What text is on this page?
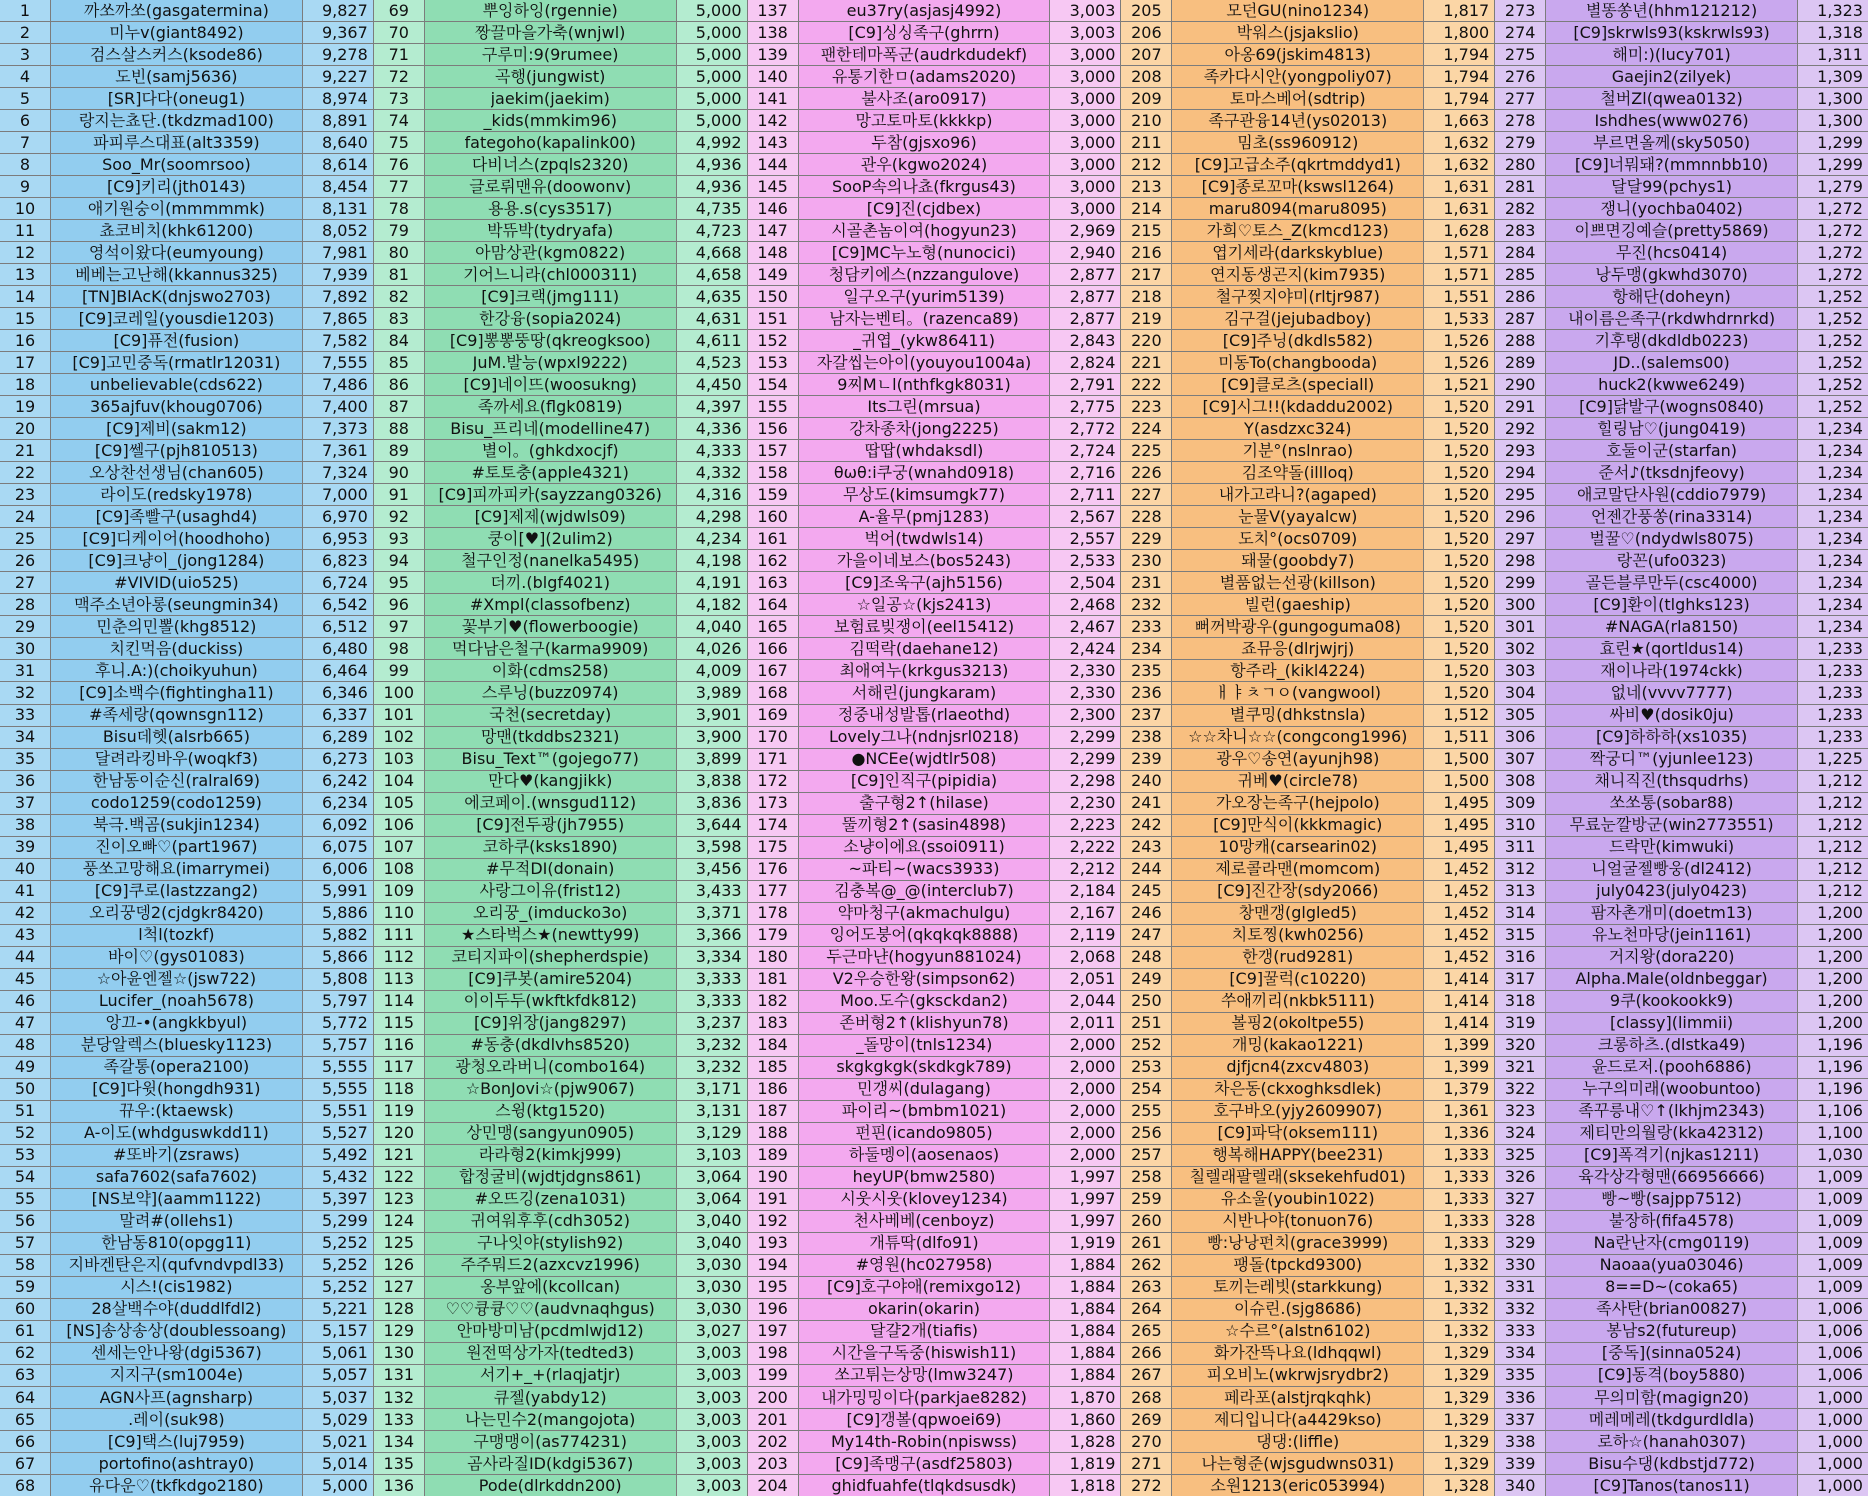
1	까쏘까쏘(gasgatermina)	9,827
2	미누v(giant8492)	9,367
3	검스살스커스(ksode86)	9,278
4	도빈(samj5636)	9,227
5	[SR]다다(oneug1)	8,974
6	랑지는쵸단.(tkdzmad100)	8,891
7	파피루스대표(alt3359)	8,640
8	Soo_Mr(soomrsoo)	8,614
9	[C9]키리(jth0143)	8,454
10	애기원숭이(mmmmmk)	8,131
11	쵸코비치(khk61200)	8,052
12	영석이왔다(eumyoung)	7,981
13 베베는고난해(kkannus325)	7,939
14	[TN]BlAcK(dnjswo2703)	7,892
15	[C9]코레일(yousdie1203)	7,865
16	[C9]퓨전(fusion)	7,582
17 [C9]고민중독(rmatlr12031)	7,555
18	unbelievable(cds622)	7,486
19	365ajfuv(khoug0706)	7,400
20	[C9]제비(sakm12)	7,373
21	[C9]쎌구(pjh810513)	7,361
22	오상찬선생님(chan605)	7,324
23	라이도(redsky1978)	7,000
24	[C9]족빨구(usaghd4)	6,970
25	[C9]디케이어(hoodhoho)	6,953
26	[C9]크냥이_(jong1284)	6,823
27	#VIVID(uio525)	6,724
28 맥주소년아롱(seungmin34)	6,542
29	민춘의민뽈(khg8512)	6,512
30	치킨먹음(duckiss)	6,480
31	후니.A:)(choikyuhun)	6,464
32	[C9]소백수(fightingha11)	6,346
33	#족세랑(qownsgn112)	6,337
34	Bisu데헷(alsrb665)	6,289
35	달려라킹바우(woqkf3)	6,273
36	한남동이순신(ralral69)	6,242
37	codo1259(codo1259)	6,234
38	북극.백곰(sukjin1234)	6,092
39	진이오빠♡(part1967)	6,075
40	풍쏘고망해요(imarrymei)	6,006
41	[C9]쿠로(lastzzang2)	5,991
42	오리꿍뎅2(cjdgkr8420)	5,886
43	l척l(tozkf)	5,882
44	바이♡(gys01083)	5,866
45	☆아윤엔젤☆(jsw722)	5,808
46	Lucifer_(noah5678)	5,797
47	앙끄-•(angkkbyul)	5,772
48	분당알렉스(bluesky1123)	5,757
49	족갈통(opera2100)	5,555
50	[C9]다윗(hongdh931)	5,555
51	뀨우:(ktaewsk)	5,551
52	A-이도(whdguswkdd11)	5,527
53	#또바기(zsraws)	5,492
54	safa7602(safa7602)	5,432
55	[NS보약](aamm1122)	5,397
56	말려#(ollehs1)	5,299
57	한남동810(opgg11)	5,252
58 지바겐탄은지(qufvndvpdl33) 5,252
59	시스!(cis1982)	5,252
60	28살백수야(duddlfdl2)	5,221
61 [NS]송상송상(doublessoang) 5,157
62	센세는안나왕(dgi5367)	5,061
63	지지구(sm1004e)	5,057
64	AGN사프(agnsharp)	5,037
65	.레이(suk98)	5,029
66	[C9]택스(luj7959)	5,021
67	portofino(ashtray0)	5,014
68	유다운♡(tkfkdgo2180)	5,000
69	뿌잉하잉(rgennie)	5,000
70	짱끌마을가축(wnjwl)	5,000
71	구루미:9(9rumee)	5,000
72	곡행(jungwist)	5,000
73	jaekim(jaekim)	5,000
74	_kids(mmkim96)	5,000
75	fategoho(kapalink00)	4,992
76	다비너스(zpqls2320)	4,936
77	글로뤼맨유(doowonv)	4,936
78	용용.s(cys3517)	4,735
79	박뜌박(tydryafa)	4,723
80	아맘상관(kgm0822)	4,668
81	기어느니라(chl000311)	4,658
82	[C9]크랙(jmg111)	4,635
83	한강융(sopia2024)	4,631
84	[C9]뽕뽕뚱땅(qkreogksoo)	4,611
85	JuM.발능(wpxl9222)	4,523
86	[C9]네이뜨(woosukng)	4,450
87	족까세요(flgk0819)	4,397
88	Bisu_프리네(modelline47)	4,336
89	별이。(ghkdxocjf)	4,333
90	#토토충(apple4321)	4,332
91 [C9]피까피카(sayzzang0326) 4,316
92	[C9]제제(wjdwls09)	4,298
93	쿵이[♥](2ulim2)	4,234
94	철구인정(nanelka5495)	4,198
95	더끼.(blgf4021)	4,191
96	#Xmpl(classofbenz)	4,182
97	꽃부기♥(flowerboogie)	4,040
98	먹다남은철구(karma9909)	4,026
99	이화(cdms258)	4,009
100	스루닝(buzz0974)	3,989
101	국천(secretday)	3,901
102	망맨(tkddbs2321)	3,900
103	Bisu_Text™(gojego77)	3,899
104	만다♥(kangjikk)	3,838
105	에코페이.(wnsgud112)	3,836
106	[C9]전두광(jh7955)	3,644
107	코하쿠(ksks1890)	3,598
108	#무적DI(donain)	3,456
109	사랑그이유(frist12)	3,433
110	오리꿍_(imducko3o)	3,371
111	★스타벅스★(newtty99)	3,366
112 코티지파이(shepherdspie)	3,334
113	[C9]쿠봇(amire5204)	3,333
114	이이두두(wkftkfdk812)	3,333
115	[C9]위장(jang8297)	3,237
116	#동충(dkdlvhs8520)	3,232
117	광청오라버니(combo164)	3,232
118	☆BonJovi☆(pjw9067)	3,171
119	스윙(ktg1520)	3,131
120	상민맹(sangyun0905)	3,129
121	라라형2(kimkj999)	3,103
122	합정굴비(wjdtjdgns861)	3,064
123	#오뜨깅(zena1031)	3,064
124	귀여워후후(cdh3052)	3,040
125	구나잇야(stylish92)	3,040
126	주주뭐드2(azxcvz1996)	3,030
127	옹부앞에(kcollcan)	3,030
128 ♡♡큥큥♡♡(audvnaqhgus)	3,030
129	안마방미남(pcdmlwjd12)	3,027
130	원전떡상가자(tedted3)	3,003
131	서기+_+(rlaqjatjr)	3,003
132	큐젤(yabdy12)	3,003
133	나는민수2(mangojota)	3,003
134	구맹맹이(as774231)	3,003
135	곰사라질ID(kdgi5367)	3,003
136	Pode(dlrkddn200)	3,003
137	eu37ry(asjasj4992)	3,003
138	[C9]싱싱족구(ghrrn)	3,003
139 팬한테마폭군(audrkdudekf)	3,000
140	유통기한ㅁ(adams2020)	3,000
141	불사조(aro0917)	3,000
142	망고토마토(kkkkp)	3,000
143	두참(gjsxo96)	3,000
144	관우(kgwo2024)	3,000
145	SooP속의나쵸(fkrgus43)	3,000
146	[C9]진(cjdbex)	3,000
147	시골촌놈이여(hogyun23)	2,969
148	[C9]MC누노형(nunocici)	2,940
149	청담키에스(nzzangulove)	2,877
150	일구오구(yurim5139)	2,877
151	남자는벤티。(razenca89)	2,877
152	_귀엽_(ykw86411)	2,843
153 자갈씹는아이(youyou1004a) 2,824
154	9찌Mㄴl(nthfkgk8031)	2,791
155	Its그린(mrsua)	2,775
156	강차종차(jong2225)	2,772
157	땁땁(whdaksdl)	2,724
158	θωθ:i쿠궁(wnahd0918)	2,716
159	무상도(kimsumgk77)	2,711
160	A-율무(pmj1283)	2,567
161	벅어(twdwls14)	2,557
162	가을이네보스(bos5243)	2,533
163	[C9]조욱구(ajh5156)	2,504
164	☆일공☆(kjs2413)	2,468
165	보험료빚쟁이(eel15412)	2,467
166	김떡락(daehane12)	2,424
167	최애여누(krkgus3213)	2,330
168	서해린(jungkaram)	2,330
169	정중내성발톱(rlaeothd)	2,300
170	Lovely그나(ndnjsrl0218)	2,299
171	●NCEe(wjdtlr508)	2,299
172	[C9]인직구(pipidia)	2,298
173	출구형2↑(hilase)	2,230
174	뚤끼형2↑(sasin4898)	2,223
175	소냥이에요(ssoi0911)	2,222
176	~파티~(wacs3933)	2,212
177	김충복@_@(interclub7)	2,184
178	약마청구(akmachulgu)	2,167
179	잉어도붕어(qkqkqk8888)	2,119
180 두근마냔(hogyun881024)	2,068
181	V2우승한왕(simpson62)	2,051
182	Moo.도수(gksckdan2)	2,044
183	존버형2↑(klishyun78)	2,011
184	_돌망이(tnls1234)	2,000
185	skgkgkgk(skdkgk789)	2,000
186	민갱씨(dulagang)	2,000
187	파이리~(bmbm1021)	2,000
188	펀핀(icando9805)	2,000
189	하둘멩이(aosenaos)	2,000
190	heyUP(bmw2580)	1,997
191	시웃시웃(klovey1234)	1,997
192	천사베베(cenboyz)	1,997
193	개튜딱(dlfo91)	1,919
194	#영원(hc027958)	1,884
195 [C9]호구야애(remixgo12)	1,884
196	okarin(okarin)	1,884
197	달걀2개(tiafis)	1,884
198	시간을구독중(hiswish11)	1,884
199	쏘고튀는상망(lmw3247)	1,884
200 내가밍밍이다(parkjae8282)	1,870
201	[C9]갱볼(qpwoei69)	1,860
202	My14th-Robin(npiswss)	1,828
203	[C9]족맹구(asdf25803)	1,819
204	ghidfuahfe(tlqkdsusdk)	1,818
205	모던GU(nino1234)	1,817
206	박워스(jsjakslio)	1,800
207	아옹69(jskim4813)	1,794
208	족카다시안(yongpoliy07)	1,794
209	토마스베어(sdtrip)	1,794
210	족구관융14년(ys02013)	1,663
211	밈초(ss960912)	1,632
212 [C9]고급소주(qkrtmddyd1)	1,632
213 [C9]종로꼬마(kswsl1264)	1,631
214	maru8094(maru8095)	1,631
215	가희♡토스_Z(kmcd123)	1,628
216	엽기세라(darkskyblue)	1,571
217	연지동생곤지(kim7935)	1,571
218	철구찢지야미(rltjr987)	1,551
219	김구걸(jejubadboy)	1,533
220	[C9]주닝(dkdls582)	1,526
221	미동To(changbooda)	1,526
222	[C9]클로츠(speciall)	1,521
223	[C9]시그!!(kdaddu2002)	1,520
224	Y(asdzxc324)	1,520
225	기분°(nslnrao)	1,520
226	김조약돌(illloq)	1,520
227	내가고라니?(agaped)	1,520
228	눈물V(yayalcw)	1,520
229	도치°(ocs0709)	1,520
230	돼물(goobdy7)	1,520
231	별품없는선광(killson)	1,520
232	빌런(gaeship)	1,520
233 뻐꺼박광우(gungoguma08)	1,520
234	죠뮤응(dlrjwjrj)	1,520
235	항주라_(kikl4224)	1,520
236	ㅐㅑㅊㄱㅇ(vangwool)	1,520
237	별쿠밍(dhkstnsla)	1,512
238 ☆☆차니☆☆(congcong1996) 1,511
239	광우♡송연(ayunjh98)	1,500
240	귀베♥(circle78)	1,500
241	가오장는족구(hejpolo)	1,495
242	[C9]만식이(kkkmagic)	1,495
243	10망캐(carsearin02)	1,495
244	제로콜라맨(momcom)	1,452
245	[C9]진간장(sdy2066)	1,452
246	창맨갱(glgled5)	1,452
247	치토찡(kwh0256)	1,452
248	한갱(rud9281)	1,452
249	[C9]꿀럭(c10220)	1,414
250	쑤애끼리(nkbk5111)	1,414
251	볼핑2(okoltpe55)	1,414
252	개밍(kakao1221)	1,399
253	djfjcn4(zxcv4803)	1,399
254	차은동(ckxoghksdlek)	1,379
255	호구바오(yjy2609907)	1,361
256	[C9]파닥(oksem111)	1,336
257	행복해HAPPY(bee231)	1,333
258 칠렐래팔렐래(sksekehfud01) 1,333
259	유소울(youbin1022)	1,333
260	시반나야(tonuon76)	1,333
261	빵:낭낭펀치(grace3999)	1,333
262	팽돌(tpckd9300)	1,332
263	토끼는레빗(starkkung)	1,332
264	이슈린.(sjg8686)	1,332
265	☆수르°(alstn6102)	1,332
266	화가잔뜩나요(ldhqqwl)	1,329
267	피오비노(wkrwjsrydbr2)	1,329
268	페라포(alstjrqkqhk)	1,329
269	제디입니다(a4429kso)	1,329
270	댕댕:(liffle)	1,329
271 나는형준(wjsgudwns031)	1,329
272	소원1213(eric053994)	1,328
273	별똥쏭년(hhm121212)	1,323
274 [C9]skrwls93(kskrwls93)	1,318
275	해미:)(lucy701)	1,311
276	Gaejin2(zilyek)	1,309
277	철버Zl(qwea0132)	1,300
278	Ishdhes(www0276)	1,300
279	부르면올께(sky5050)	1,299
280 [C9]너뭐돼?(mmnnbb10)	1,299
281	달달99(pchys1)	1,279
282	쟁니(yochba0402)	1,272
283 이쁘면깅예슬(pretty5869)	1,272
284	무진(hcs0414)	1,272
285	낭두맹(gkwhd3070)	1,272
286	항해단(doheyn)	1,252
287 내이름은족구(rkdwhdrnrkd)	1,252
288	기후탱(dkdldb0223)	1,252
289	JD..(salems00)	1,252
290	huck2(kwwe6249)	1,252
291	[C9]닭발구(wogns0840)	1,252
292	힐링남♡(jung0419)	1,234
293	호둘이군(starfan)	1,234
294	준서♪(tksdnjfeovy)	1,234
295	애코말단사원(cddio7979)	1,234
296	언젠간풍쏭(rina3314)	1,234
297	벌꿀♡(ndydwls8075)	1,234
298	랑꼰(ufo0323)	1,234
299	골든블루만두(csc4000)	1,234
300	[C9]환이(tlghks123)	1,234
301	#NAGA(rla8150)	1,234
302	효린★(qortldus14)	1,233
303	재이나라(1974ckk)	1,233
304	없네(vvvv7777)	1,233
305	싸비♥(dosik0ju)	1,233
306	[C9]하하하(xs1035)	1,233
307	짝궁디™(yjunlee123)	1,225
308	채니직진(thsqudrhs)	1,212
309	쏘쏘통(sobar88)	1,212
310 무료눈깔방군(win2773551)	1,212
311	드락만(kimwuki)	1,212
312	니얼굴젤빵웅(dl2412)	1,212
313	july0423(july0423)	1,212
314	팜자촌개미(doetm13)	1,200
315	유노천마당(jein1161)	1,200
316	거지왕(dora220)	1,200
317	Alpha.Male(oldnbeggar)	1,200
318	9쿠(kookookk9)	1,200
319	[classy](limmii)	1,200
320	크롱하츠.(dlstka49)	1,196
321	윤드로저.(pooh6886)	1,196
322	누구의미래(woobuntoo)	1,196
323	족꾸릉내♡↑(lkhjm2343)	1,106
324	제티만의월랑(kka42312)	1,100
325	[C9]폭격기(njkas1211)	1,030
326	육각상각형맨(66956666)	1,009
327	빵~빵(sajpp7512)	1,009
328	불장하(fifa4578)	1,009
329	Na란난자(cmg0119)	1,009
330	Naoaa(yua03046)	1,009
331	8==D~(coka65)	1,009
332	족사탄(brian00827)	1,006
333	봉남s2(futureup)	1,006
334	[중독](sinna0524)	1,006
335	[C9]동격(boy5880)	1,006
336	무의미함(magign20)	1,000
337	메레메레(tkdgurdldla)	1,000
338	로하☆(hanah0307)	1,000
339	Bisu수댕(kdbstjd772)	1,000
340	[C9]Tanos(tanos11)	1,000
